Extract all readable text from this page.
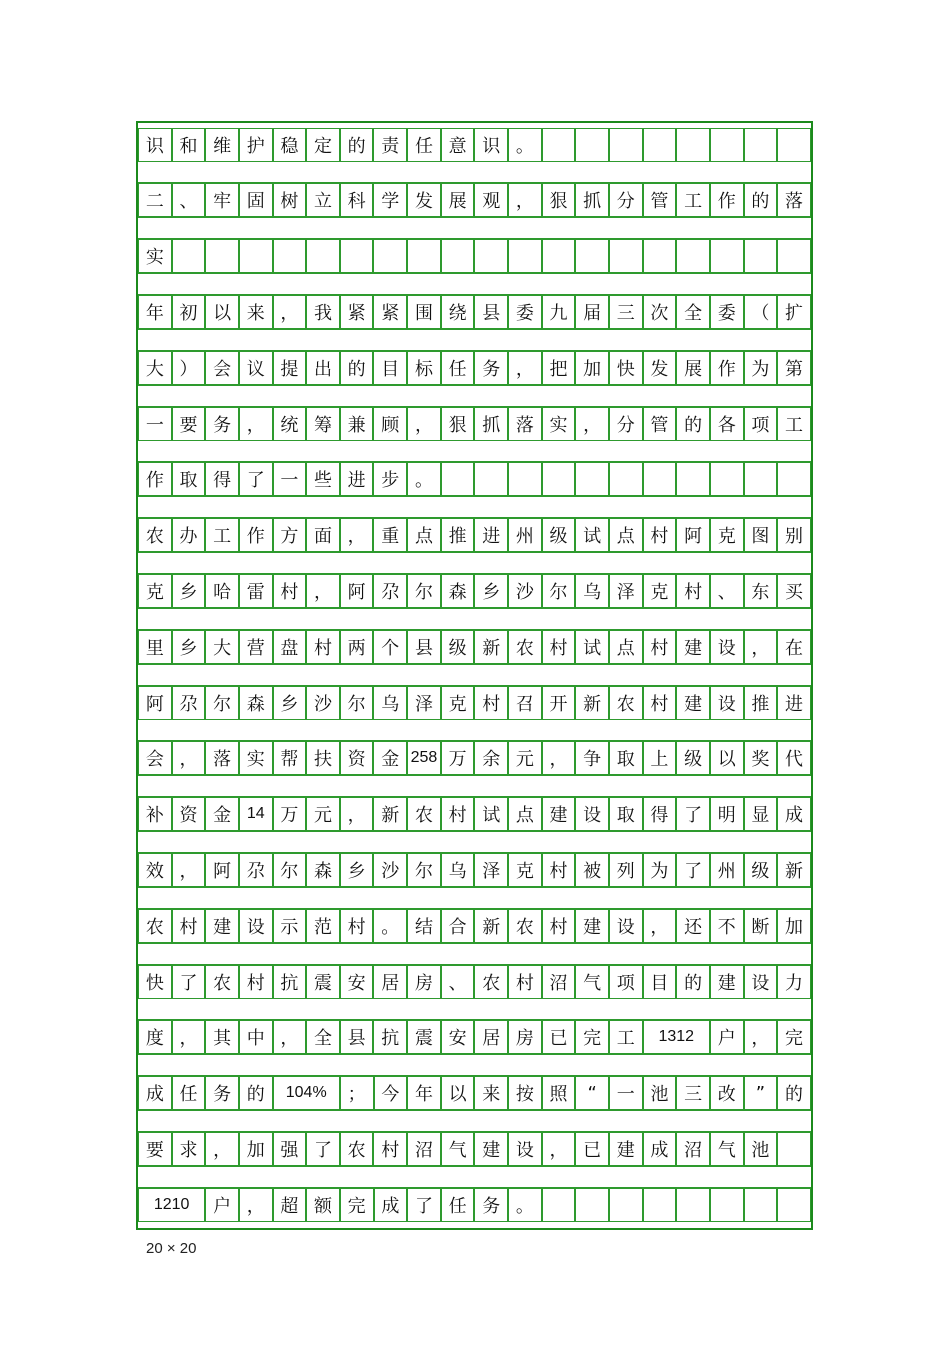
识 和 维 护 稳 定 的 责 任 意 识 。
二 、 牢 固 树 立 科 学 发 展 观 ， 狠 抓 分 管 工 作 的 落
实
年 初 以 来 ， 我 紧 紧 围 绕 县 委 九 届 三 次 全 委 （ 扩
大 ） 会 议 提 出 的 目 标 任 务 ， 把 加 快 发 展 作 为 第
一 要 务 ， 统 筹 兼 顾 ， 狠 抓 落 实 ， 分 管 的 各 项 工
作 取 得 了 一 些 进 步 。
农 办 工 作 方 面 ， 重 点 推 进 州 级 试 点 村 阿 克 图 别
克 乡 哈 雷 村 ， 阿 尕 尔 森 乡 沙 尔 乌 泽 克 村 、 东 买
里 乡 大 营 盘 村 两 个 县 级 新 农 村 试 点 村 建 设 ， 在
阿 尕 尔 森 乡 沙 尔 乌 泽 克 村 召 开 新 农 村 建 设 推 进
会 ， 落 实 帮 扶 资 金 258 万 余 元 ， 争 取 上 级 以 奖 代
补 资 金 14 万 元 ， 新 农 村 试 点 建 设 取 得 了 明 显 成
效 ， 阿 尕 尔 森 乡 沙 尔 乌 泽 克 村 被 列 为 了 州 级 新
农 村 建 设 示 范 村 。 结 合 新 农 村 建 设 ， 还 不 断 加
快 了 农 村 抗 震 安 居 房 、 农 村 沼 气 项 目 的 建 设 力
度 ， 其 中 ， 全 县 抗 震 安 居 房 已 完 工	1312	户 ， 完
成 任 务 的	104%	； 今 年 以 来 按 照	“	一 池 三 改	”	的
要 求 ， 加 强 了 农 村 沼 气 建 设 ， 已 建 成 沼 气 池
1210	户 ， 超 额 完 成 了 任 务 。
20 × 20
